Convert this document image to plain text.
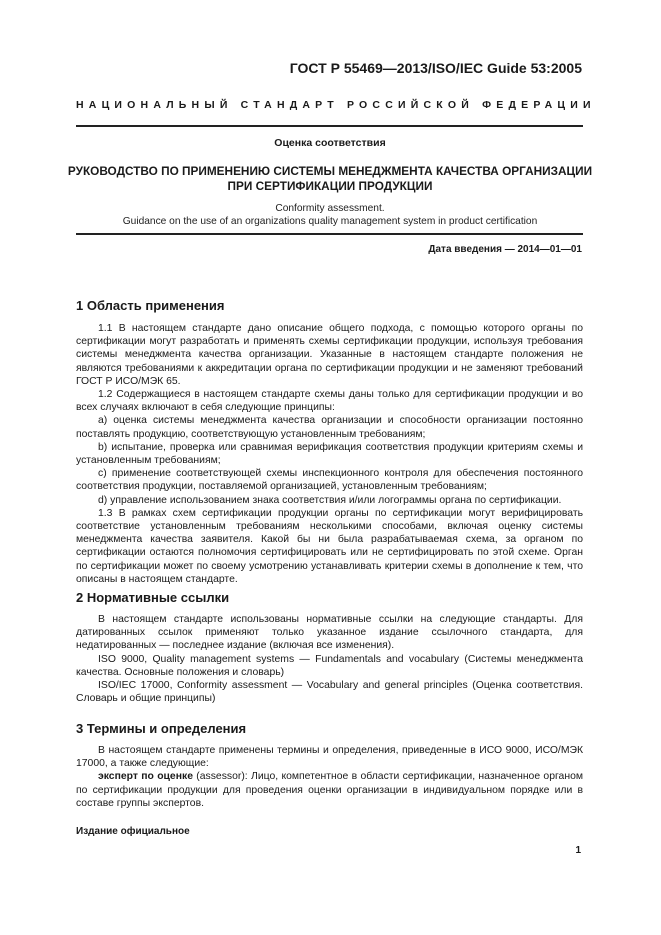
ГОСТ Р 55469—2013/ISO/IEC Guide 53:2005
НАЦИОНАЛЬНЫЙ СТАНДАРТ РОССИЙСКОЙ ФЕДЕРАЦИИ
Оценка соответствия
РУКОВОДСТВО ПО ПРИМЕНЕНИЮ СИСТЕМЫ МЕНЕДЖМЕНТА КАЧЕСТВА ОРГАНИЗАЦИИ ПРИ СЕРТИФИКАЦИИ ПРОДУКЦИИ
Conformity assessment.
Guidance on the use of an organizations quality management system in product certification
Дата введения — 2014—01—01
1 Область применения

1.1 В настоящем стандарте дано описание общего подхода, с помощью которого органы по сертификации могут разработать и применять схемы сертификации продукции, используя требования системы менеджмента качества организации. Указанные в настоящем стандарте положения не являются требованиями к аккредитации органа по сертификации продукции и не заменяют требований ГОСТ Р ИСО/МЭК 65.

1.2 Содержащиеся в настоящем стандарте схемы даны только для сертификации продукции и во всех случаях включают в себя следующие принципы:

a) оценка системы менеджмента качества организации и способности организации постоянно поставлять продукцию, соответствующую установленным требованиям;

b) испытание, проверка или сравнимая верификация соответствия продукции критериям схемы и установленным требованиям;

c) применение соответствующей схемы инспекционного контроля для обеспечения постоянного соответствия продукции, поставляемой организацией, установленным требованиям;

d) управление использованием знака соответствия и/или логограммы органа по сертификации.

1.3 В рамках схем сертификации продукции органы по сертификации могут верифицировать соответствие установленным требованиям несколькими способами, включая оценку системы менеджмента качества заявителя. Какой бы ни была разрабатываемая схема, за органом по сертификации остаются полномочия сертифицировать или не сертифицировать по этой схеме. Орган по сертификации может по своему усмотрению устанавливать критерии схемы в дополнение к тем, что описаны в настоящем стандарте.

2 Нормативные ссылки

В настоящем стандарте использованы нормативные ссылки на следующие стандарты. Для датированных ссылок применяют только указанное издание ссылочного стандарта, для недатированных — последнее издание (включая все изменения).

ISO 9000, Quality management systems — Fundamentals and vocabulary (Системы менеджмента качества. Основные положения и словарь)

ISO/IEC 17000, Conformity assessment — Vocabulary and general principles (Оценка соответствия. Словарь и общие принципы)

3 Термины и определения

В настоящем стандарте применены термины и определения, приведенные в ИСО 9000, ИСО/МЭК 17000, а также следующие:

эксперт по оценке (assessor): Лицо, компетентное в области сертификации, назначенное органом по сертификации продукции для проведения оценки организации в индивидуальном порядке или в составе группы экспертов.

Издание официальное
1
